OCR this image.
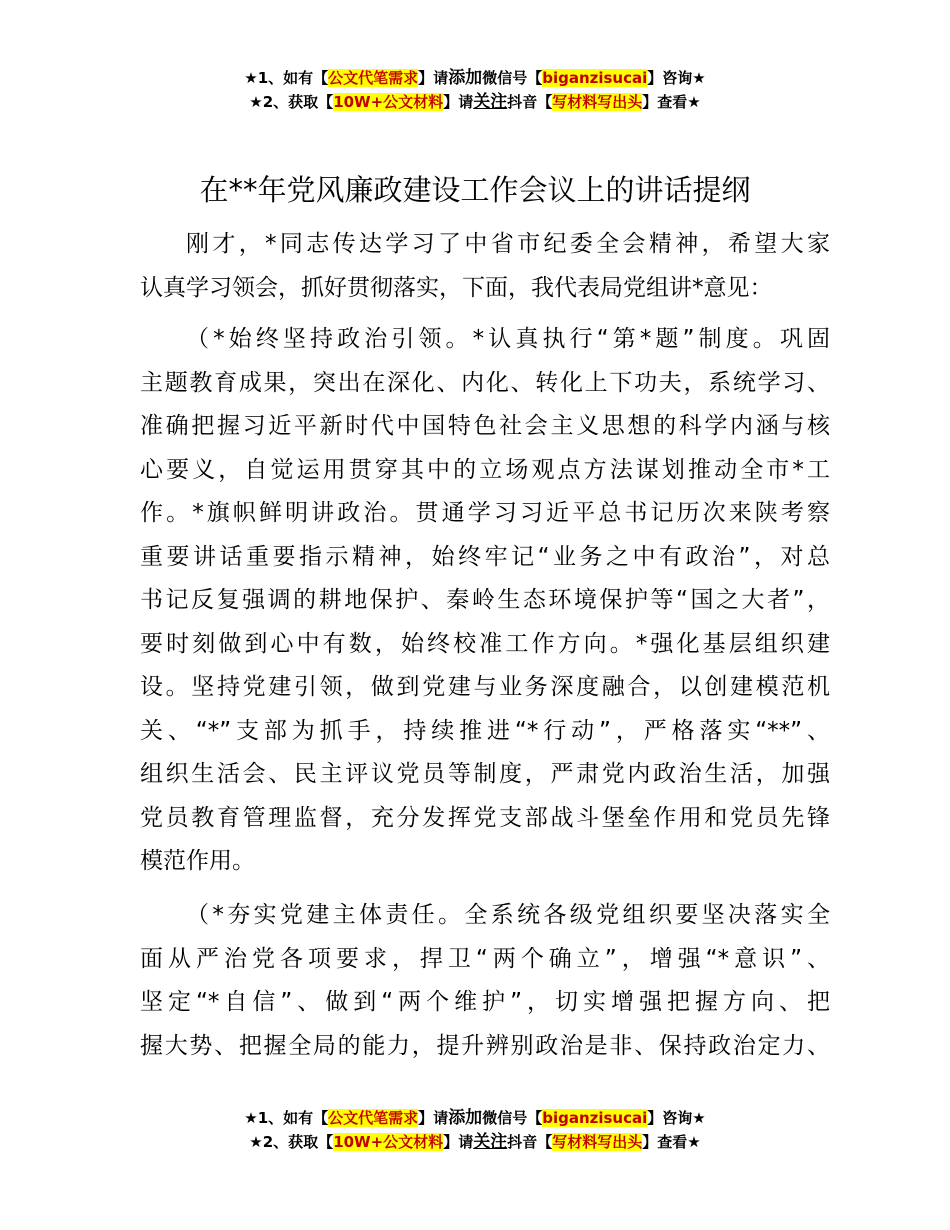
★1、如有【公文代笔需求】请添加微信号【biganzisucai】咨询★
★2、获取【10W+公文材料】请关注抖音【写材料写出头】查看★
在**年党风廉政建设工作会议上的讲话提纲
刚才，*同志传达学习了中省市纪委全会精神，希望大家
认真学习领会，抓好贯彻落实，下面，我代表局党组讲*意见：
（*始终坚持政治引领。*认真执行“第*题”制度。巩固
主题教育成果，突出在深化、内化、转化上下功夫，系统学习、
准确把握习近平新时代中国特色社会主义思想的科学内涵与核
心要义，自觉运用贯穿其中的立场观点方法谋划推动全市*工
作。*旗帜鲜明讲政治。贯通学习习近平总书记历次来陕考察
重要讲话重要指示精神，始终牢记“业务之中有政治”，对总
书记反复强调的耕地保护、秦岭生态环境保护等“国之大者”，
要时刻做到心中有数，始终校准工作方向。*强化基层组织建
设。坚持党建引领，做到党建与业务深度融合，以创建模范机
关、“*”支部为抓手，持续推进“*行动”，严格落实“**”、
组织生活会、民主评议党员等制度，严肃党内政治生活，加强
党员教育管理监督，充分发挥党支部战斗堡垒作用和党员先锋
模范作用。
（*夯实党建主体责任。全系统各级党组织要坚决落实全
面从严治党各项要求，捍卫“两个确立”，增强“*意识”、
坚定“*自信”、做到“两个维护”，切实增强把握方向、把
握大势、把握全局的能力，提升辨别政治是非、保持政治定力、
★1、如有【公文代笔需求】请添加微信号【biganzisucai】咨询★
★2、获取【10W+公文材料】请关注抖音【写材料写出头】查看★
